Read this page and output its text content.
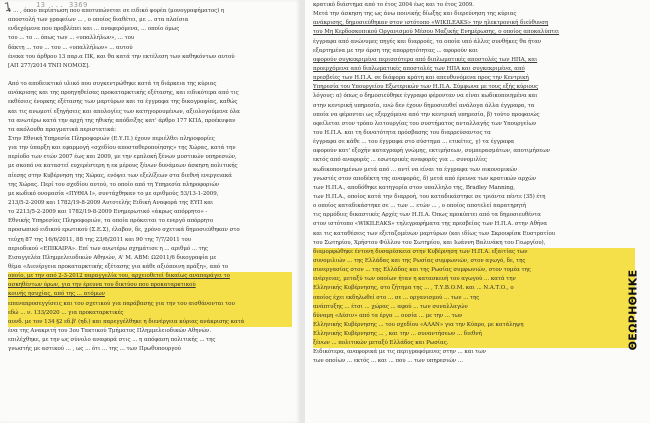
1	13 ... 3369
1 ... , όπου περίπτωση που αποτυπώνεται σε ειδικό φορέα (μονογραφήματος) η
αποστολή των γραφείων ... , ο οποίος διαθέτει, με ... στα πλαίσια
ενδεχόμενα που προβλέπει και ... αναφερόμενα, ... οποίο όμως
του ... το ... όπως των ... «υπαλλήλων», ... του
δάκτη ... του ... του ... «υπαλλήλων» ... αυτού
ένεκα του άρθρου 13 παρ.α ΠΚ, και θα κατά την εκτέλεση των καθηκόντων αυτού
[ΑΠ 277/2014 ΤΝΠ ΝΟΜΟΣ].
Από το αποδεικτικό υλικό που συγκεντρώθηκε κατά τη διάρκεια της κύριας
ανάκρισης και της προηγηθείσας προκαταρκτικής εξέτασης, και ειδικότερα από τις
εκθέσεις ένορκης εξέτασης των μαρτύρων και τα έγγραφα της δικογραφίας, καθώς
και τις ανωμοτί εξηγήσεις και απολογίες των κατηγορουμένων, αξιολογούμενα όλα
τα ανωτέρω κατά την αρχή της ηθικής απόδειξης κατ' άρθρο 177 ΚΠΔ, προέκυψαν
τα ακόλουθα πραγματικά περιστατικά:
Στην Εθνική Υπηρεσία Πληροφοριών (Ε.Υ.Π.) έχουν περιέλθει πληροφορίες
για την ύπαρξη και εφαρμογή «σχεδίου αποσταθεροποίησης» της Χώρας, κατά την
περίοδο των ετών 2007 έως και 2009, με την εμπλοκή ξένων μυστικών υπηρεσιών,
με σκοπό να καταστεί ευχερέστερη η εκ μέρους ξένων δυνάμεων άσκηση πολιτικής
πίεσης στην Κυβέρνηση της Χώρας, ενόψει των εξελίξεων στα διεθνή ενεργειακά
της Χώρας. Περί του σχεδίου αυτού, το οποίο από τη Υπηρεσία πληροφοριών
με κωδικό ονομασία «ΠΥΘΙΑ Ι», συντάχθηκαν το με αριθμούς 53/13-1-2009,
213/5-2-2009 και 1782/19-8-2009 Αυτοτελής Ειδική Αναφορά της ΕΥΠ και
το 2213/5-2-2009 και 1782/19-8-2009 Ενημερωτικό «άκρως απόρρητο» -
Εθνικής Υπηρεσίας Πληροφοριών, τα οποία πρόκειται το ενεργό απόρρητο
προσωπικό ειδικού ερωτικού (Σ.Ε.Σ), έλαβον, δε, χρόνο σχετικά δημοσιεύθηκαν στο
τεύχη 87 της 16/6/2011, 88 της 23/6/2011 και 90 της 7/7/2011 του
περιοδικού «ΕΠΙΚΑΙΡΑ». Επί των ανωτέρω σχημάτισε η ... αριθμό ... της
Εισαγγελέα Πλημμελειοδικών Αθηνών, Α' Μ. ΑΒΜ: Ω2011/6 δικογραφία με
θέμα «Διενέργεια προκαταρκτικής εξέτασης για κάθε αξιόποινη πράξη», από το
οποίο, με την από 2-3-2012 παραγγελία του, αρχειοθετεί δικαίως αναπαράγει το
ασκηθέντων όρων, για την έρευνα του δικτύου που προκαταρκτικού
κοινής ησυχίας, από της ... ατόμων
επαναπροσεγγίσεις και του σχετικού για παράβασης για την του αισθάνονται του
εδώ ... ν. 133/2020 ... για προκαταρκτικές
αυνδ. με τον 134 §2 εδ.β' (ηδ.) και παρεγγέλθηκε η διενέργεια κύριας ανάκρισης κατά
ένα της Ανακριτή του 3ου Τακτικού Τμήματος Πλημμελειοδικών Αθηνών.
επιλέχθηκε, με την ως σύνολο αναφορά στις ... η απόφαση πολιτικής ... της
γνωστής με αστικού ... , ως ... ότι ... της ... των Πρωθυπουργού
κρατικό διάστημα από το έτος 2004 έως και το έτος 2009.
Μετά την άσκηση της ως άνω ποινικής δίωξης και διερεύνηση της κύριας
ανάκρισης, δημοσιεύθηκαν στον ιστότοπο «WIKILEAKS» την ηλεκτρονική διεύθυνση
του Μη Κερδοσκοπικού Οργανισμού Μέσου Μαζικής Ενημέρωσης, ο οποίος αποκαλύπτει
έγγραφα από ανώνυμες πηγές και διαρροές, τα οποία υπό άλλες συνθήκες θα ήταν
εξαρτημένα με την άρση της απορρητότητας ... αφορούν και
αφορούν συγκεκριμένα περισσότερα από διπλωματικές αποστολές των ΗΠΑ, και
προερχόμενα από διπλωματικές αποστολές των ΗΠΑ και συγκεκριμένα, από
πρεσβείες των Η.Π.Α. σε διάφορα κράτη και απευθυνόμενα προς την Κεντρική
Υπηρεσία του Υπουργείου Εξωτερικών των Η.Π.Α. Σύμφωνα με τους εξής κύριους
λόγους: α) όπως ο δημοσιεύθηκε έγγραφο φέρονταν να είναι κωδικοποιημένα και
στην κεντρική υπηρεσία, ενώ δεν έχουν δημοσιευθεί ανάλογα άλλα έγγραφα, τα
οποία να φέρονται ως εξερχόμενα από την κεντρική υπηρεσία, β) τούτο προφανώς
οφείλεται στον τρόπο λειτουργίας του συστήματος ανταλλαγής των Υπουργείων
του Η.Π.Α. και τη δυνατότητα πρόσβασης του διαρρεύσαντος τα
έγγραφα σε κάθε ... του έγγραφα στο σύστημα ... ετικέτες, γ) τα έγγραφα
αφορούν κατ' εξοχήν καταγραφή γνώμης, εκτιμήσεων, συμπερασμάτων, αποτιμήσεων
εκτός από αναφορές ... εσωτερικές αναφορές για ... συνομιλίες
κωδικοποιημένων μετά από ... αντί να είναι τα έγγραφα των οικονομικών
γνωστές στον αποδέκτη της αναφοράς, δ) μετά από έρευνα των κρατικών αρχών
των Η.Π.Α., αποδόθηκε κατηγορία στον υπαλληλο της, Bradley Manning,
των Η.Π.Α., οποίος κατά την διαρροή, του καταδικάστηκε σε τριάντα πέντε (35) έτη
ο οποίος καταδικάστηκε σε ... των ... ετών ... , ο οποίος αποτελεί παρατηρητή
τις αρμόδιες δικαστικές Αρχές των Η.Π.Α. Όπως προκύπτει από τα δημοσιευθέντα
στον ιστότοπο «WIKILEAKS» τηλεγραφήματα της πρεσβείας των Η.Π.Α. στην Αθήνα
και τις καταθέσεις των εξεταζομένων μαρτύρων (και ιδίως των Σκρουφίσκ Ευστρατίου
του Σωτηρίου, Χρήστου Φύλλου του Σωτηρίου, και Ιωάννη Βαλινάκη του Γεωργίου),
διαμορφώθηκε έντονη δυσαρέσκεια στην Κυβέρνηση των Η.Π.Α. εξαιτίας των
συνομιλιών ... της Ελλάδας και της Ρωσίας συμφωνιών, στον αγωγό, δε, της
συνεργασίας στον ... της Ελλάδας και της Ρωσίας συμφωνιών, στον τομέα της
ενέργειας, μεταξύ των οποίων ήταν η κατασκευή του αγωγού ... κατά την
Ελληνικής Κυβέρνησης, στο ζήτημα της ... , Τ.Υ.Β.Ο.Μ. και ... Ν.Α.Τ.Ο., ο
οποίος έχει εκδηλωθεί στο ... σε ... οργανισμού ... των ... της
ανάπτυξης ... έτσι ... χώρας ... αφού ... των συναλλαγών
δύναμη «Δέσιν» από τα έργα ... ουσία ... με την ... των
Ελληνικής Κυβέρνησης ... του σχεδίου «ΑΛΑΝ» για την Κύπρο, με κατάληψη
Ελληνικής Κυβέρνησης ... , και την ... συναντήσεων ... διεθνή
ξένων ... πολιτικών μεταξύ Ελλάδος και Ρωσίας.
Ειδικότερα, αναφορικά με τις περιγραφόμενες στην ... και των
των οποίων ... εκτός ... και ... που ... των υπηρεσιών ...
ΘΕΩΡΗΘΗΚΕ
